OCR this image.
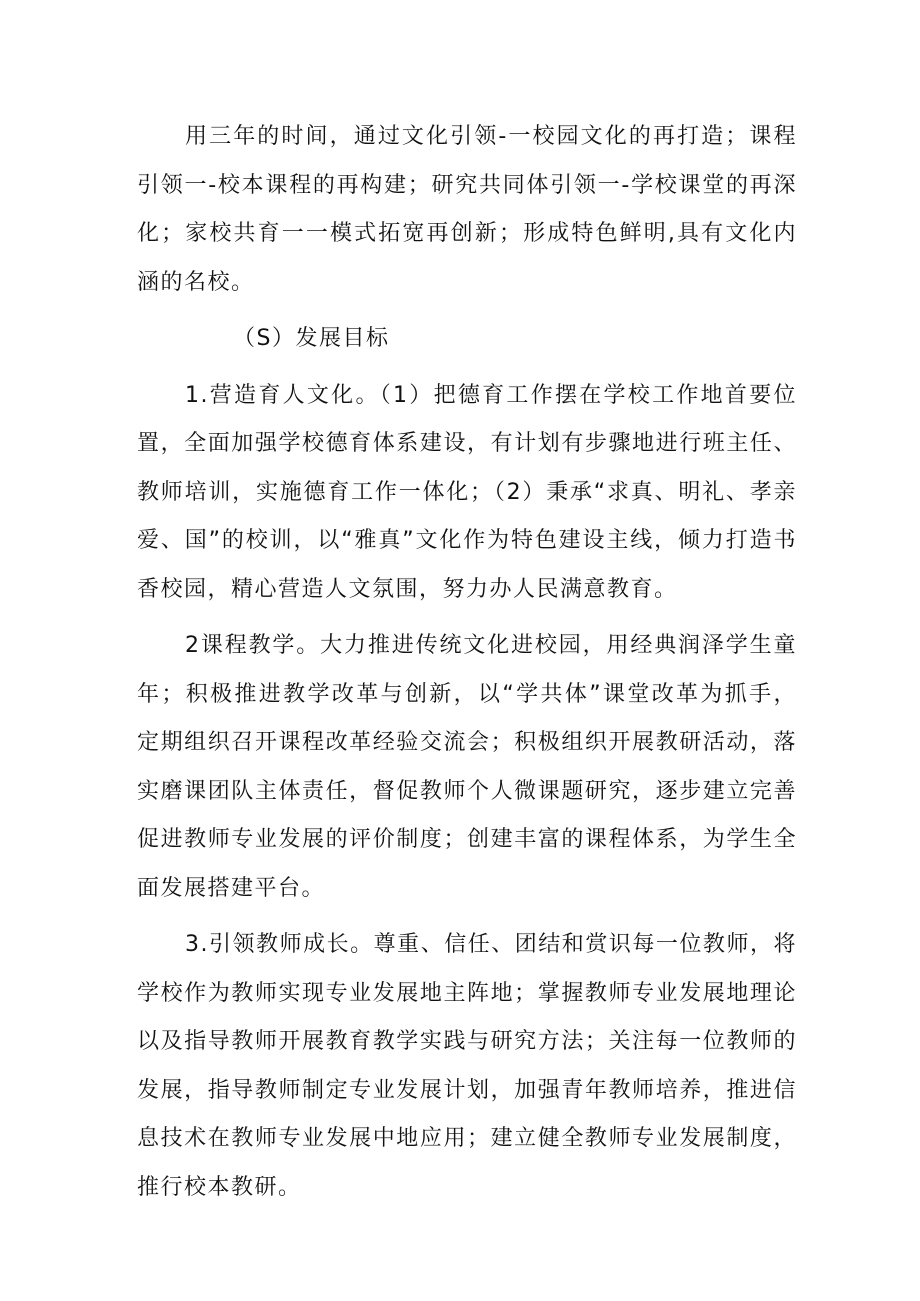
用三年的时间，通过文化引领-一校园文化的再打造；课程引领一-校本课程的再构建；研究共同体引领一-学校课堂的再深化；家校共育一一模式拓宽再创新；形成特色鲜明,具有文化内涵的名校。

（S）发展目标

1.营造育人文化。（1）把德育工作摆在学校工作地首要位置，全面加强学校德育体系建设，有计划有步骤地进行班主任、教师培训，实施德育工作一体化；（2）秉承“求真、明礼、孝亲爱、国”的校训，以“雅真”文化作为特色建设主线，倾力打造书香校园，精心营造人文氛围，努力办人民满意教育。

2课程教学。大力推进传统文化进校园，用经典润泽学生童年；积极推进教学改革与创新，以“学共体”课堂改革为抓手，定期组织召开课程改革经验交流会；积极组织开展教研活动，落实磨课团队主体责任，督促教师个人微课题研究，逐步建立完善促进教师专业发展的评价制度；创建丰富的课程体系，为学生全面发展搭建平台。

3.引领教师成长。尊重、信任、团结和赏识每一位教师，将学校作为教师实现专业发展地主阵地；掌握教师专业发展地理论以及指导教师开展教育教学实践与研究方法；关注每一位教师的发展，指导教师制定专业发展计划，加强青年教师培养，推进信息技术在教师专业发展中地应用；建立健全教师专业发展制度，推行校本教研。
